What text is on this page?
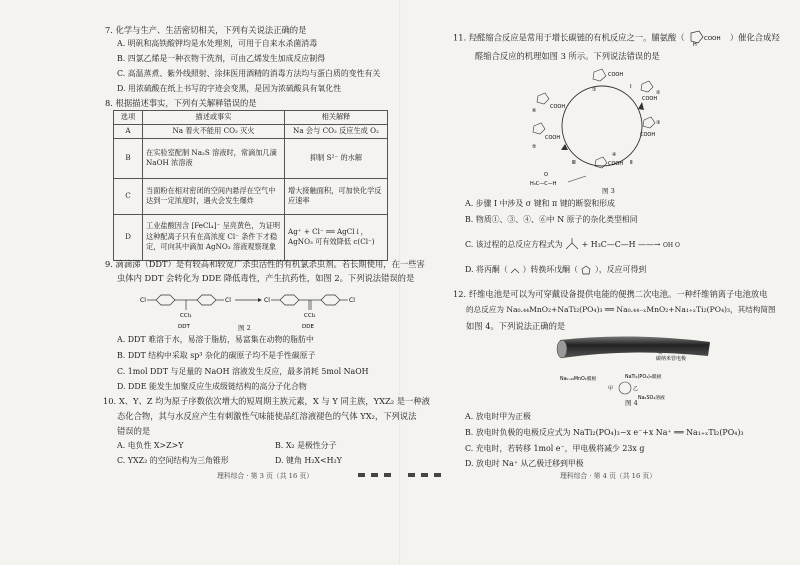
7. 化学与生产、生活密切相关，下列有关说法正确的是
A. 明矾和高铁酸钾均是水处理剂，可用于自来水杀菌消毒
B. 四氯乙烯是一种衣物干洗剂，可由乙烯发生加成反应制得
C. 高温蒸煮、紫外线照射、涂抹医用酒精的消毒方法均与蛋白质的变性有关
D. 用浓硫酸在纸上书写的字迹会变黑，是因为浓硫酸具有氧化性
8. 根据描述事实，下列有关解释错误的是
选项	描述或事实	相关解释
A	Na 着火不能用 CO₂ 灭火	Na 会与 CO₂ 反应生成 O₂
B	在实验室配制 Na₂S 溶液时，常滴加几滴 NaOH 浓溶液	抑制 S²⁻ 的水解
C	当面粉在相对密闭的空间内悬浮在空气中达到一定浓度时，遇火会发生爆炸	增大接触面积，可加快化学反应速率
D	工业盐酸因含 [FeCl₄]⁻ 呈亮黄色，为证明这种配离子只有在高浓度 Cl⁻ 条件下才稳定，可向其中滴加 AgNO₃ 溶液观察现象	Ag⁺ + Cl⁻ ══ AgCl↓，AgNO₃ 可有效降低 c(Cl⁻)
9. 滴滴涕（DDT）是有较高和较宽广杀虫活性的有机氯杀虫剂。若长期使用，在一些害
虫体内 DDT 会转化为 DDE 降低毒性，产生抗药性，如图 2。下列说法错误的是
Cl
CCl₃
Cl
DDT
Cl
CCl₂
Cl
DDE
图 2
A. DDT 难溶于水，易溶于脂肪，易富集在动物的脂肪中
B. DDT 结构中采取 sp³ 杂化的碳原子均不是手性碳原子
C. 1mol DDT 与足量的 NaOH 溶液发生反应，最多消耗 5mol NaOH
D. DDE 能发生加聚反应生成级链结构的高分子化合物
10. X、Y、Z 均为原子序数依次增大的短周期主族元素，X 与 Y 同主族，YXZ₂ 是一种液
态化合物，其与水反应产生有刺激性气味能使品红溶液褪色的气体 YX₂，下列说法
错误的是
A. 电负性 X>Z>Y	B. X₂ 是极性分子
C. YXZ₂ 的空间结构为三角锥形	D. 键角 H₂X<H₂Y
理科综合 · 第 3 页（共 16 页）
11. 羟醛缩合反应是常用于增长碳链的有机反应之一。脯氨酸（	COOH
H
）催化合成羟
醛缩合反应的机理如图 3 所示。下列说法错误的是
COOH
①
COOH
⑥
COOH
⑤
COOH
②
COOH
③
COOH
④
Ⅰ
Ⅱ
Ⅲ
O
H₃C—C—H
图 3
A. 步骤 Ⅰ 中涉及 σ 键和 π 键的断裂和形成
B. 物质①、③、④、⑥中 N 原子的杂化类型相同
C. 该过程的总反应方程式为 + H₃C—C—H ——→ OH O
D. 将丙酮（ ）转换环戊酮（ ），反应可得到
12. 纤维电池是可以为可穿戴设备提供电能的便携二次电池。一种纤维钠离子电池放电
的总反应为 Na₀.₄₄MnO₂+NaTi₂(PO₄)₃ ══ Na₀.₄₄₋ₓMnO₂+Na₁₊ₓTi₂(PO₄)₃，其结构简图
如图 4。下列说法正确的是
碳纳米管电极
Na₀.₄₄MnO₂膜极	NaTi₂(PO₄)₃膜极
甲	乙
Na₂SO₄溶液
图 4
A. 放电时甲为正极
B. 放电时负极的电极反应式为 NaTi₂(PO₄)₃−x e⁻+x Na⁺ ══ Na₁₊ₓTi₂(PO₄)₃
C. 充电时，若转移 1mol e⁻，甲电极将减少 23x g
D. 放电时 Na⁺ 从乙极迁移到甲极
理科综合 · 第 4 页（共 16 页）
